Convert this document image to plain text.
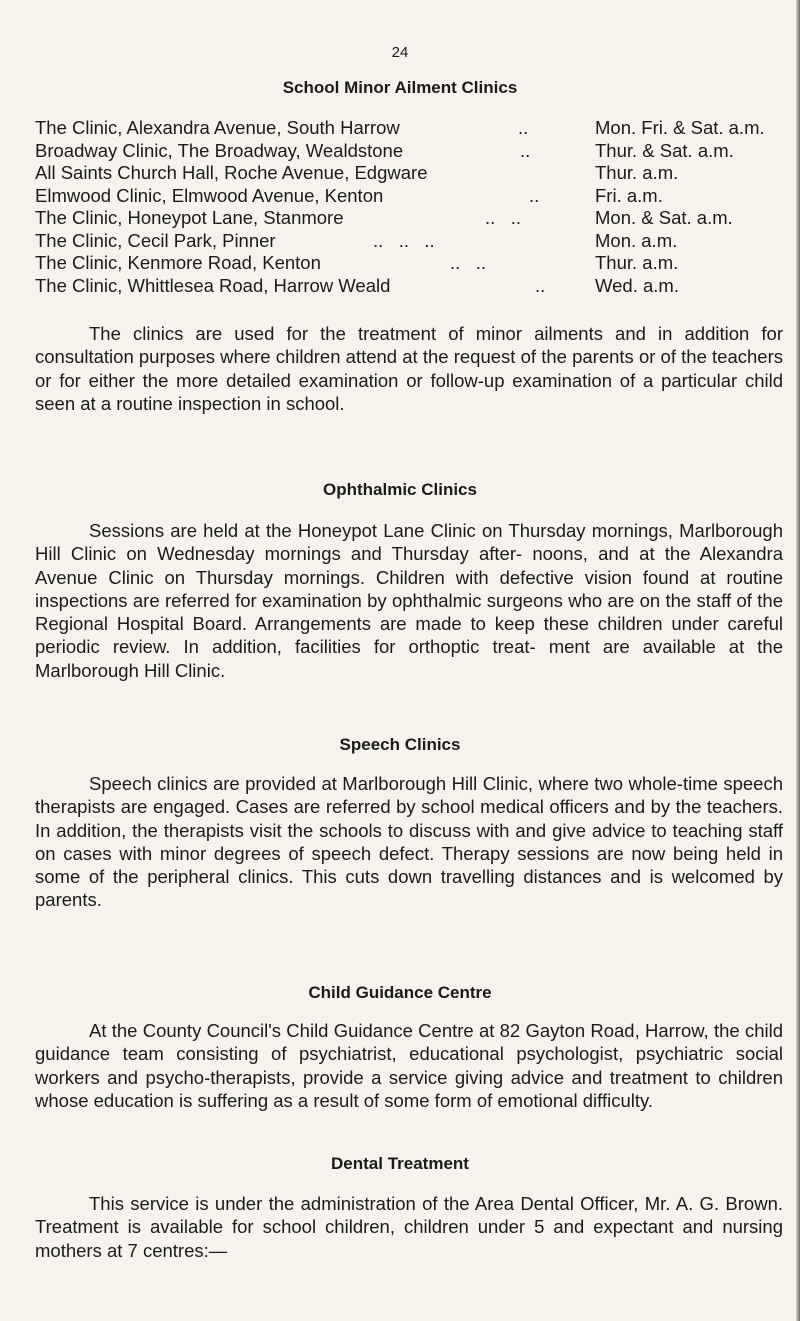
24
School Minor Ailment Clinics
The Clinic, Alexandra Avenue, South Harrow	..	Mon. Fri. & Sat. a.m.
Broadway Clinic, The Broadway, Wealdstone	..	Thur. & Sat. a.m.
All Saints Church Hall, Roche Avenue, Edgware	Thur. a.m.
Elmwood Clinic, Elmwood Avenue, Kenton	..	Fri. a.m.
The Clinic, Honeypot Lane, Stanmore	..   ..	Mon. & Sat. a.m.
The Clinic, Cecil Park, Pinner	..   ..   ..	Mon. a.m.
The Clinic, Kenmore Road, Kenton	..   ..	Thur. a.m.
The Clinic, Whittlesea Road, Harrow Weald	..	Wed. a.m.

The clinics are used for the treatment of minor ailments and in addition for consultation purposes where children attend at the request of the parents or of the teachers or for either the more detailed examination or follow-up examination of a particular child seen at a routine inspection in school.

Ophthalmic Clinics

Sessions are held at the Honeypot Lane Clinic on Thursday mornings, Marlborough Hill Clinic on Wednesday mornings and Thursday after- noons, and at the Alexandra Avenue Clinic on Thursday mornings. Children with defective vision found at routine inspections are referred for examination by ophthalmic surgeons who are on the staff of the Regional Hospital Board. Arrangements are made to keep these children under careful periodic review. In addition, facilities for orthoptic treat- ment are available at the Marlborough Hill Clinic.

Speech Clinics

Speech clinics are provided at Marlborough Hill Clinic, where two whole-time speech therapists are engaged. Cases are referred by school medical officers and by the teachers. In addition, the therapists visit the schools to discuss with and give advice to teaching staff on cases with minor degrees of speech defect. Therapy sessions are now being held in some of the peripheral clinics. This cuts down travelling distances and is welcomed by parents.

Child Guidance Centre

At the County Council's Child Guidance Centre at 82 Gayton Road, Harrow, the child guidance team consisting of psychiatrist, educational psychologist, psychiatric social workers and psycho-therapists, provide a service giving advice and treatment to children whose education is suffering as a result of some form of emotional difficulty.

Dental Treatment

This service is under the administration of the Area Dental Officer, Mr. A. G. Brown. Treatment is available for school children, children under 5 and expectant and nursing mothers at 7 centres:—
